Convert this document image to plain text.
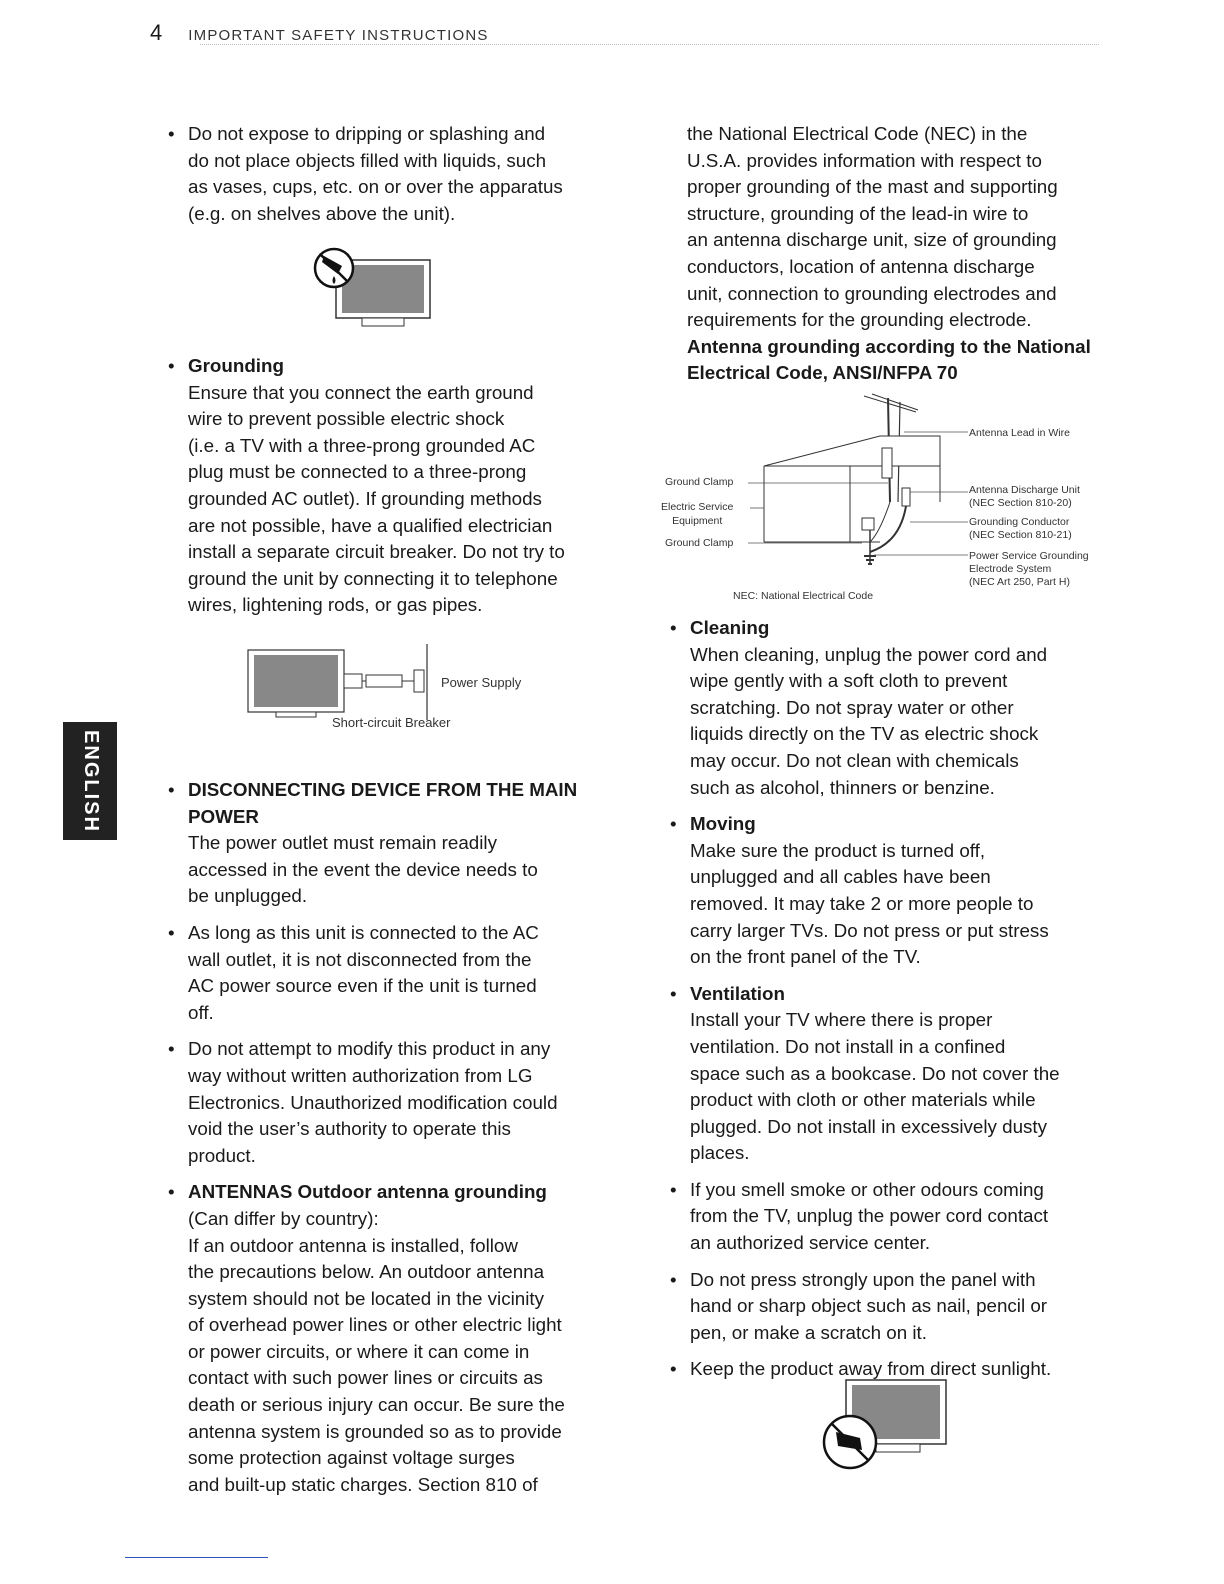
4 IMPORTANT SAFETY INSTRUCTIONS
ENGLISH

• Do not expose to dripping or splashing and

do not place objects filled with liquids, such

as vases, cups, etc. on or over the apparatus

(e.g. on shelves above the unit).

• Grounding

Ensure that you connect the earth ground

wire to prevent possible electric shock

(i.e. a TV with a three-prong grounded AC

plug must be connected to a three-prong

grounded AC outlet). If grounding methods

are not possible, have a qualified electrician

install a separate circuit breaker. Do not try to

ground the unit by connecting it to telephone

wires, lightening rods, or gas pipes.

Power Supply
Short-circuit Breaker

• DISCONNECTING DEVICE FROM THE MAIN

POWER

The power outlet must remain readily

accessed in the event the device needs to

be unplugged.

• As long as this unit is connected to the AC

wall outlet, it is not disconnected from the

AC power source even if the unit is turned

off.

• Do not attempt to modify this product in any

way without written authorization from LG

Electronics. Unauthorized modification could

void the user’s authority to operate this

product.

• ANTENNAS Outdoor antenna grounding

(Can differ by country):

If an outdoor antenna is installed, follow

the precautions below. An outdoor antenna

system should not be located in the vicinity

of overhead power lines or other electric light

or power circuits, or where it can come in

contact with such power lines or circuits as

death or serious injury can occur. Be sure the

antenna system is grounded so as to provide

some protection against voltage surges

and built-up static charges. Section 810 of

the National Electrical Code (NEC) in the

U.S.A. provides information with respect to

proper grounding of the mast and supporting

structure, grounding of the lead-in wire to

an antenna discharge unit, size of grounding

conductors, location of antenna discharge

unit, connection to grounding electrodes and

requirements for the grounding electrode.

Antenna grounding according to the National

Electrical Code, ANSI/NFPA 70

Antenna Lead in Wire
Ground Clamp
Electric Service
Equipment
Ground Clamp
Antenna Discharge Unit
(NEC Section 810-20)
Grounding Conductor
(NEC Section 810-21)
Power Service Grounding
Electrode System
(NEC Art 250, Part H)
NEC: National Electrical Code

• Cleaning

When cleaning, unplug the power cord and

wipe gently with a soft cloth to prevent

scratching. Do not spray water or other

liquids directly on the TV as electric shock

may occur. Do not clean with chemicals

such as alcohol, thinners or benzine.

• Moving

Make sure the product is turned off,

unplugged and all cables have been

removed. It may take 2 or more people to

carry larger TVs. Do not press or put stress

on the front panel of the TV.

• Ventilation

Install your TV where there is proper

ventilation. Do not install in a confined

space such as a bookcase. Do not cover the

product with cloth or other materials while

plugged. Do not install in excessively dusty

places.

• If you smell smoke or other odours coming

from the TV, unplug the power cord contact

an authorized service center.

• Do not press strongly upon the panel with

hand or sharp object such as nail, pencil or

pen, or make a scratch on it.

• Keep the product away from direct sunlight.
